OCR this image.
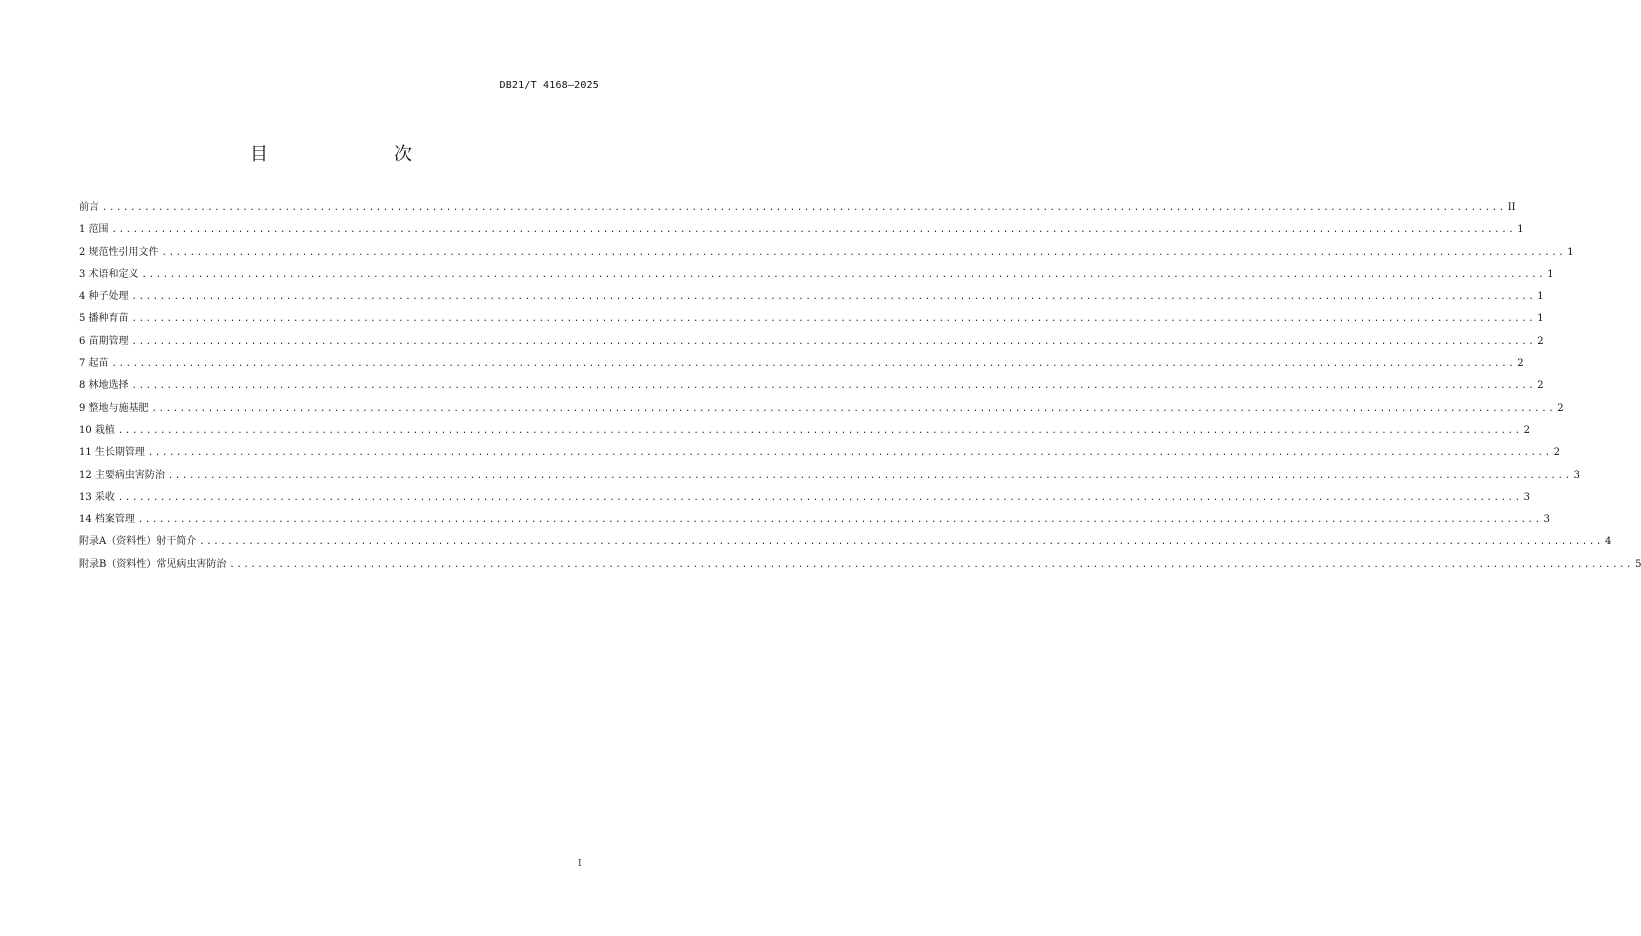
DB21/T 4168—2025
目　　次
前言 ........................................................................................................................................................................................................ II
1 范围 ........................................................................................................................................................................................................ 1
2 规范性引用文件 ........................................................................................................................................................................................................ 1
3 术语和定义 ........................................................................................................................................................................................................ 1
4 种子处理 ........................................................................................................................................................................................................ 1
5 播种育苗 ........................................................................................................................................................................................................ 1
6 苗期管理 ........................................................................................................................................................................................................ 2
7 起苗 ........................................................................................................................................................................................................ 2
8 林地选择 ........................................................................................................................................................................................................ 2
9 整地与施基肥 ........................................................................................................................................................................................................ 2
10 栽植 ........................................................................................................................................................................................................ 2
11 生长期管理 ........................................................................................................................................................................................................ 2
12 主要病虫害防治 ........................................................................................................................................................................................................ 3
13 采收 ........................................................................................................................................................................................................ 3
14 档案管理 ........................................................................................................................................................................................................ 3
附录A（资料性）射干简介 ........................................................................................................................................................................................................ 4
附录B（资料性）常见病虫害防治 ........................................................................................................................................................................................................ 5
I
